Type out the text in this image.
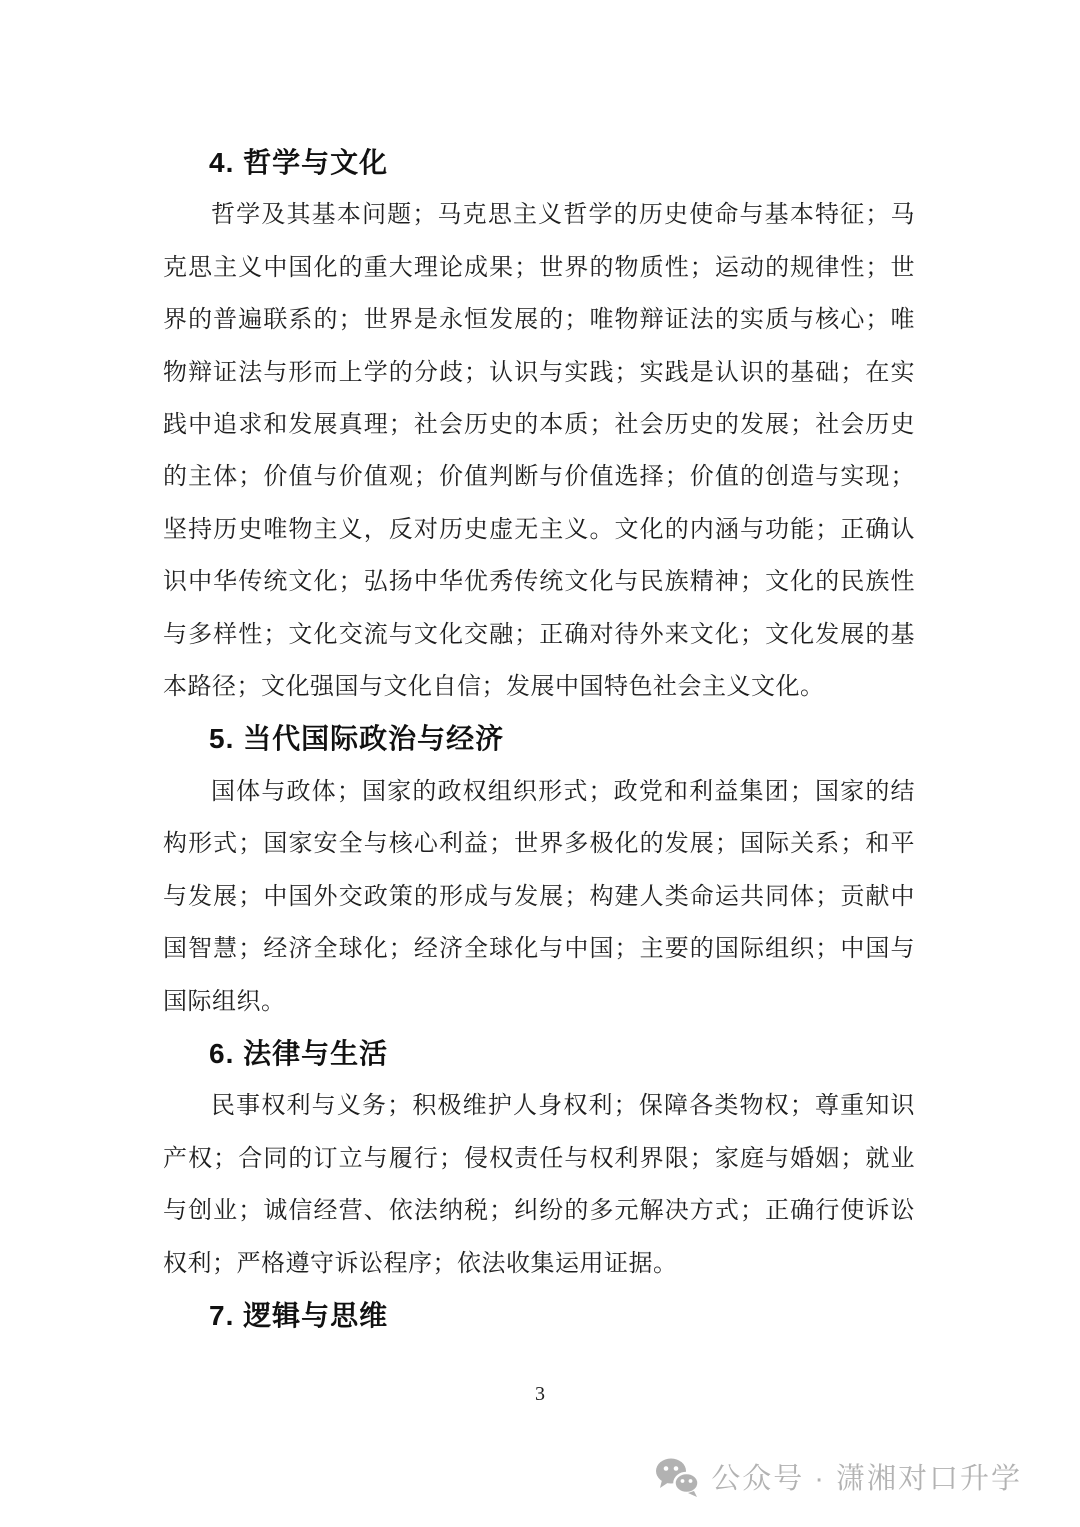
4. 哲学与文化

哲学及其基本问题；马克思主义哲学的历史使命与基本特征；马

克思主义中国化的重大理论成果；世界的物质性；运动的规律性；世

界的普遍联系的；世界是永恒发展的；唯物辩证法的实质与核心；唯

物辩证法与形而上学的分歧；认识与实践；实践是认识的基础；在实

践中追求和发展真理；社会历史的本质；社会历史的发展；社会历史

的主体；价值与价值观；价值判断与价值选择；价值的创造与实现；

坚持历史唯物主义，反对历史虚无主义。文化的内涵与功能；正确认

识中华传统文化；弘扬中华优秀传统文化与民族精神；文化的民族性

与多样性；文化交流与文化交融；正确对待外来文化；文化发展的基

本路径；文化强国与文化自信；发展中国特色社会主义文化。

5. 当代国际政治与经济

国体与政体；国家的政权组织形式；政党和利益集团；国家的结

构形式；国家安全与核心利益；世界多极化的发展；国际关系；和平

与发展；中国外交政策的形成与发展；构建人类命运共同体；贡献中

国智慧；经济全球化；经济全球化与中国；主要的国际组织；中国与

国际组织。

6. 法律与生活

民事权利与义务；积极维护人身权利；保障各类物权；尊重知识

产权；合同的订立与履行；侵权责任与权利界限；家庭与婚姻；就业

与创业；诚信经营、依法纳税；纠纷的多元解决方式；正确行使诉讼

权利；严格遵守诉讼程序；依法收集运用证据。

7. 逻辑与思维
3
公众号 · 潇湘对口升学
